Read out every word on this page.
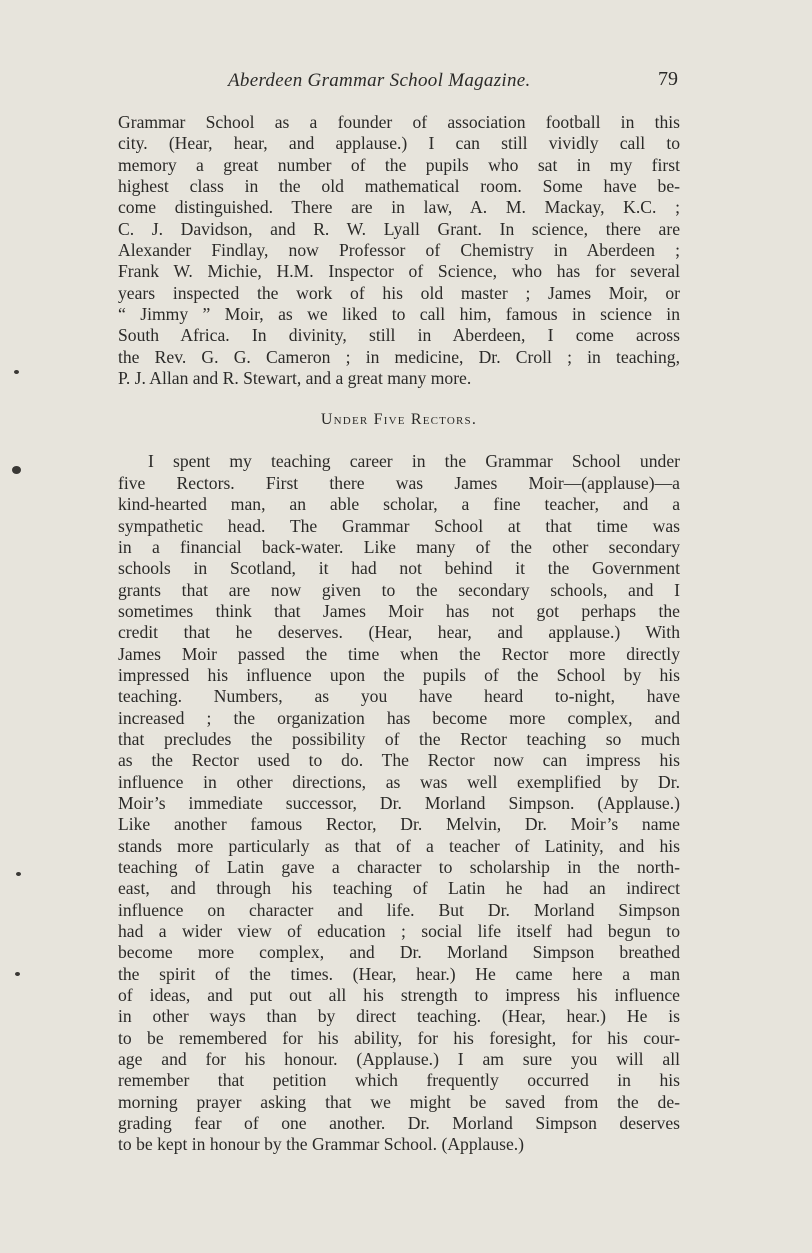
Aberdeen Grammar School Magazine.	79
Grammar School as a founder of association football in this
city. (Hear, hear, and applause.) I can still vividly call to
memory a great number of the pupils who sat in my first
highest class in the old mathematical room. Some have be-
come distinguished. There are in law, A. M. Mackay, K.C. ;
C. J. Davidson, and R. W. Lyall Grant. In science, there are
Alexander Findlay, now Professor of Chemistry in Aberdeen ;
Frank W. Michie, H.M. Inspector of Science, who has for several
years inspected the work of his old master ; James Moir, or
“ Jimmy ” Moir, as we liked to call him, famous in science in
South Africa. In divinity, still in Aberdeen, I come across
the Rev. G. G. Cameron ; in medicine, Dr. Croll ; in teaching,
P. J. Allan and R. Stewart, and a great many more.
Under Five Rectors.
I spent my teaching career in the Grammar School under
five Rectors. First there was James Moir—(applause)—a
kind-hearted man, an able scholar, a fine teacher, and a
sympathetic head. The Grammar School at that time was
in a financial back-water. Like many of the other secondary
schools in Scotland, it had not behind it the Government
grants that are now given to the secondary schools, and I
sometimes think that James Moir has not got perhaps the
credit that he deserves. (Hear, hear, and applause.) With
James Moir passed the time when the Rector more directly
impressed his influence upon the pupils of the School by his
teaching. Numbers, as you have heard to-night, have
increased ; the organization has become more complex, and
that precludes the possibility of the Rector teaching so much
as the Rector used to do. The Rector now can impress his
influence in other directions, as was well exemplified by Dr.
Moir’s immediate successor, Dr. Morland Simpson. (Applause.)
Like another famous Rector, Dr. Melvin, Dr. Moir’s name
stands more particularly as that of a teacher of Latinity, and his
teaching of Latin gave a character to scholarship in the north-
east, and through his teaching of Latin he had an indirect
influence on character and life. But Dr. Morland Simpson
had a wider view of education ; social life itself had begun to
become more complex, and Dr. Morland Simpson breathed
the spirit of the times. (Hear, hear.) He came here a man
of ideas, and put out all his strength to impress his influence
in other ways than by direct teaching. (Hear, hear.) He is
to be remembered for his ability, for his foresight, for his cour-
age and for his honour. (Applause.) I am sure you will all
remember that petition which frequently occurred in his
morning prayer asking that we might be saved from the de-
grading fear of one another. Dr. Morland Simpson deserves
to be kept in honour by the Grammar School. (Applause.)
